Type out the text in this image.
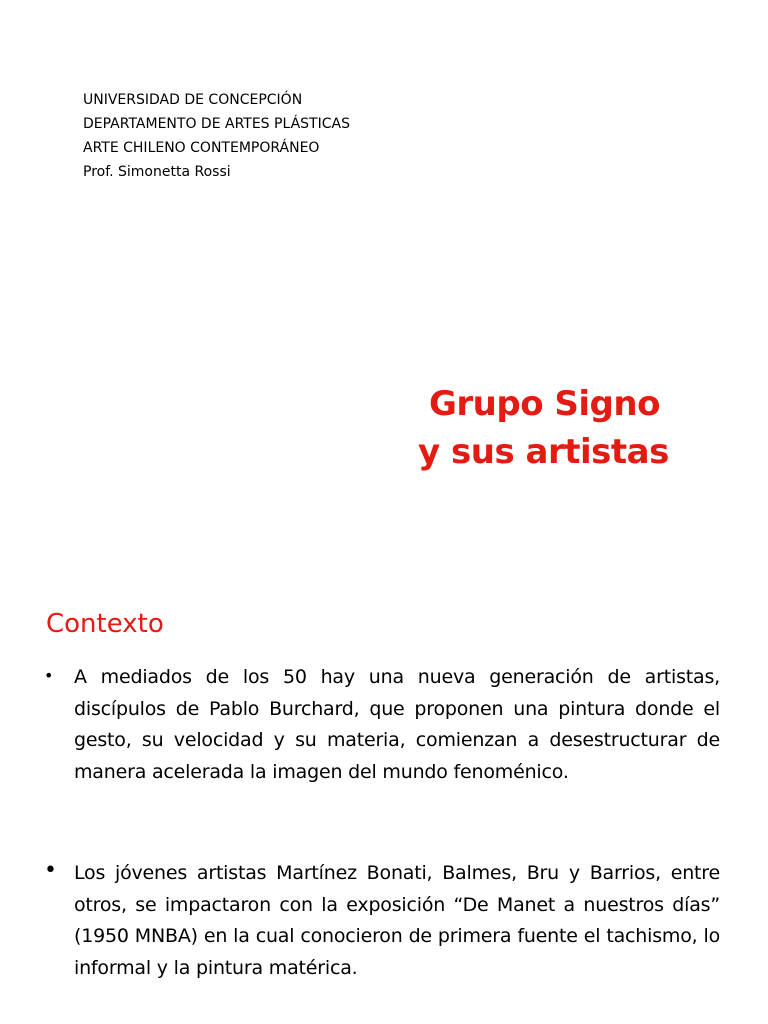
UNIVERSIDAD DE CONCEPCIÓN
DEPARTAMENTO DE ARTES PLÁSTICAS
ARTE CHILENO CONTEMPORÁNEO
Prof. Simonetta Rossi
Grupo Signo
y sus artistas
Contexto
• A mediados de los 50 hay una nueva generación de artistas, discípulos de Pablo Burchard, que proponen una pintura donde el gesto, su velocidad y su materia, comienzan a desestructurar de manera acelerada la imagen del mundo fenoménico.
• Los jóvenes artistas Martínez Bonati, Balmes, Bru y Barrios, entre otros, se impactaron con la exposición “De Manet a nuestros días” (1950 MNBA) en la cual conocieron de primera fuente el tachismo, lo informal y la pintura matérica.
